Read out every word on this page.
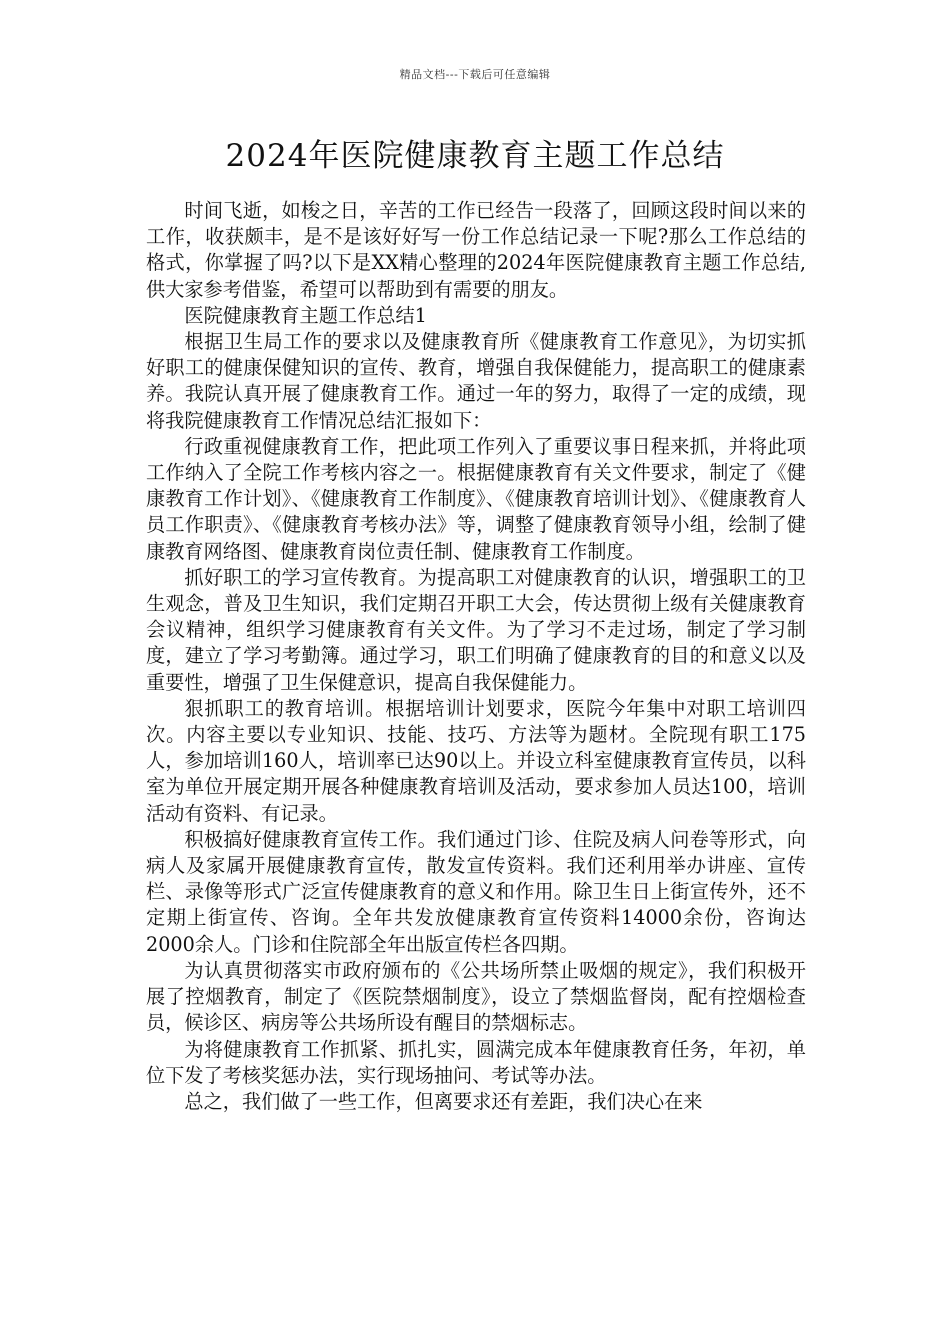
精品文档---下载后可任意编辑
2024年医院健康教育主题工作总结

时间飞逝，如梭之日，辛苦的工作已经告一段落了，回顾这段时间以来的工作，收获颇丰，是不是该好好写一份工作总结记录一下呢?那么工作总结的格式，你掌握了吗?以下是XX精心整理的2024年医院健康教育主题工作总结,供大家参考借鉴，希望可以帮助到有需要的朋友。

医院健康教育主题工作总结1

根据卫生局工作的要求以及健康教育所《健康教育工作意见》，为切实抓好职工的健康保健知识的宣传、教育，增强自我保健能力，提高职工的健康素养。我院认真开展了健康教育工作。通过一年的努力，取得了一定的成绩，现将我院健康教育工作情况总结汇报如下：

行政重视健康教育工作，把此项工作列入了重要议事日程来抓，并将此项工作纳入了全院工作考核内容之一。根据健康教育有关文件要求，制定了《健康教育工作计划》、《健康教育工作制度》、《健康教育培训计划》、《健康教育人员工作职责》、《健康教育考核办法》等，调整了健康教育领导小组，绘制了健康教育网络图、健康教育岗位责任制、健康教育工作制度。

抓好职工的学习宣传教育。为提高职工对健康教育的认识，增强职工的卫生观念，普及卫生知识，我们定期召开职工大会，传达贯彻上级有关健康教育会议精神，组织学习健康教育有关文件。为了学习不走过场，制定了学习制度，建立了学习考勤簿。通过学习，职工们明确了健康教育的目的和意义以及重要性，增强了卫生保健意识，提高自我保健能力。

狠抓职工的教育培训。根据培训计划要求，医院今年集中对职工培训四次。内容主要以专业知识、技能、技巧、方法等为题材。全院现有职工175人，参加培训160人，培训率已达90以上。并设立科室健康教育宣传员，以科室为单位开展定期开展各种健康教育培训及活动，要求参加人员达100，培训活动有资料、有记录。

积极搞好健康教育宣传工作。我们通过门诊、住院及病人问卷等形式，向病人及家属开展健康教育宣传，散发宣传资料。我们还利用举办讲座、宣传栏、录像等形式广泛宣传健康教育的意义和作用。除卫生日上街宣传外，还不定期上街宣传、咨询。全年共发放健康教育宣传资料14000余份，咨询达2000余人。门诊和住院部全年出版宣传栏各四期。

为认真贯彻落实市政府颁布的《公共场所禁止吸烟的规定》，我们积极开展了控烟教育，制定了《医院禁烟制度》，设立了禁烟监督岗，配有控烟检查员，候诊区、病房等公共场所设有醒目的禁烟标志。

为将健康教育工作抓紧、抓扎实，圆满完成本年健康教育任务，年初，单位下发了考核奖惩办法，实行现场抽问、考试等办法。

总之，我们做了一些工作，但离要求还有差距，我们决心在来
